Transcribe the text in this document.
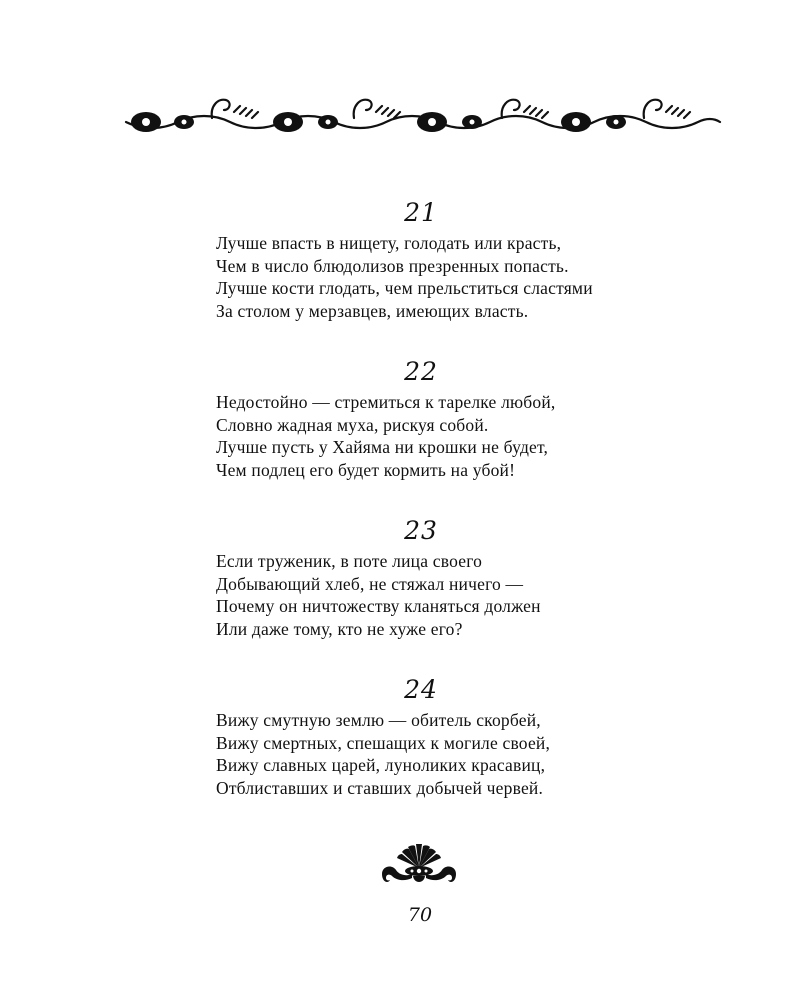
21
Лучше впасть в нищету, голодать или красть,
Чем в число блюдолизов презренных попасть.
Лучше кости глодать, чем прельститься сластями
За столом у мерзавцев, имеющих власть.
22
Недостойно — стремиться к тарелке любой,
Словно жадная муха, рискуя собой.
Лучше пусть у Хайяма ни крошки не будет,
Чем подлец его будет кормить на убой!
23
Если труженик, в поте лица своего
Добывающий хлеб, не стяжал ничего —
Почему он ничтожеству кланяться должен
Или даже тому, кто не хуже его?
24
Вижу смутную землю — обитель скорбей,
Вижу смертных, спешащих к могиле своей,
Вижу славных царей, луноликих красавиц,
Отблиставших и ставших добычей червей.
70
